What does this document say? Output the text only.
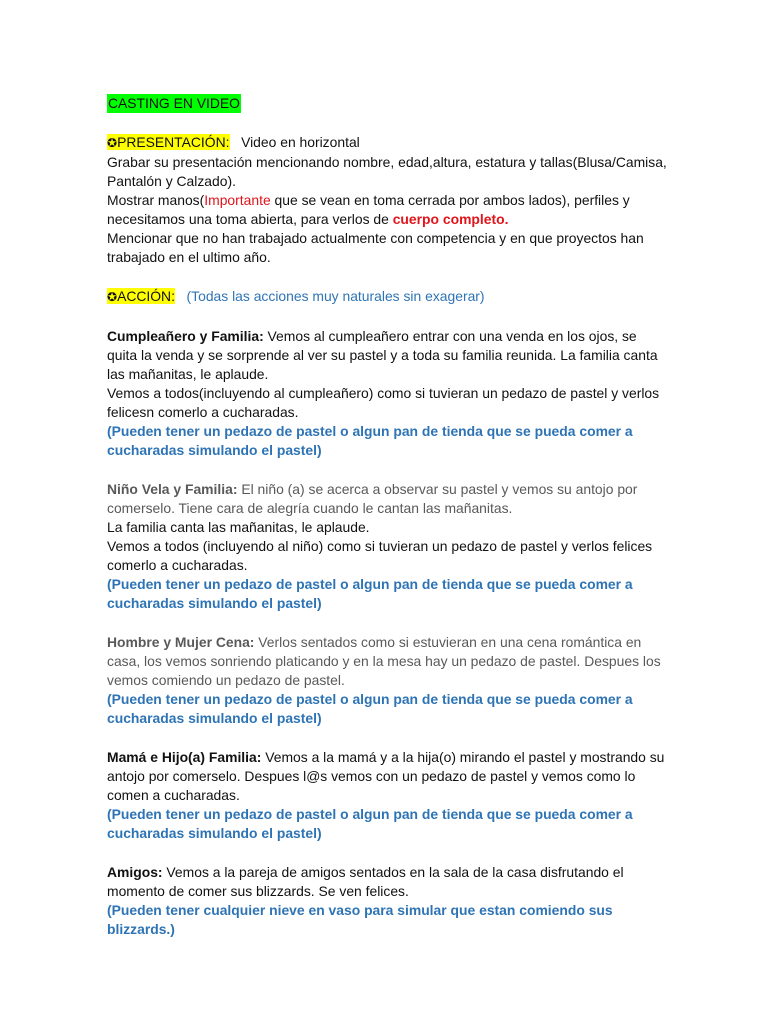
CASTING EN VIDEO

✪PRESENTACIÓN: Video en horizontal

Grabar su presentación mencionando nombre, edad,altura, estatura y tallas(Blusa/Camisa, Pantalón y Calzado).

Mostrar manos(Importante que se vean en toma cerrada por ambos lados), perfiles y necesitamos una toma abierta, para verlos de cuerpo completo.

Mencionar que no han trabajado actualmente con competencia y en que proyectos han trabajado en el ultimo año.

✪ACCIÓN: (Todas las acciones muy naturales sin exagerar)

Cumpleañero y Familia: Vemos al cumpleañero entrar con una venda en los ojos, se quita la venda y se sorprende al ver su pastel y a toda su familia reunida. La familia canta las mañanitas, le aplaude.

Vemos a todos(incluyendo al cumpleañero) como si tuvieran un pedazo de pastel y verlos felicesn comerlo a cucharadas.

(Pueden tener un pedazo de pastel o algun pan de tienda que se pueda comer a cucharadas simulando el pastel)

Niño Vela y Familia: El niño (a) se acerca a observar su pastel y vemos su antojo por comerselo. Tiene cara de alegría cuando le cantan las mañanitas.

La familia canta las mañanitas, le aplaude.

Vemos a todos (incluyendo al niño) como si tuvieran un pedazo de pastel y verlos felices comerlo a cucharadas.

(Pueden tener un pedazo de pastel o algun pan de tienda que se pueda comer a cucharadas simulando el pastel)

Hombre y Mujer Cena: Verlos sentados como si estuvieran en una cena romántica en casa, los vemos sonriendo platicando y en la mesa hay un pedazo de pastel. Despues los vemos comiendo un pedazo de pastel.

(Pueden tener un pedazo de pastel o algun pan de tienda que se pueda comer a cucharadas simulando el pastel)

Mamá e Hijo(a) Familia: Vemos a la mamá y a la hija(o) mirando el pastel y mostrando su antojo por comerselo. Despues l@s vemos con un pedazo de pastel y vemos como lo comen a cucharadas.

(Pueden tener un pedazo de pastel o algun pan de tienda que se pueda comer a cucharadas simulando el pastel)

Amigos: Vemos a la pareja de amigos sentados en la sala de la casa disfrutando el momento de comer sus blizzards. Se ven felices.

(Pueden tener cualquier nieve en vaso para simular que estan comiendo sus blizzards.)
